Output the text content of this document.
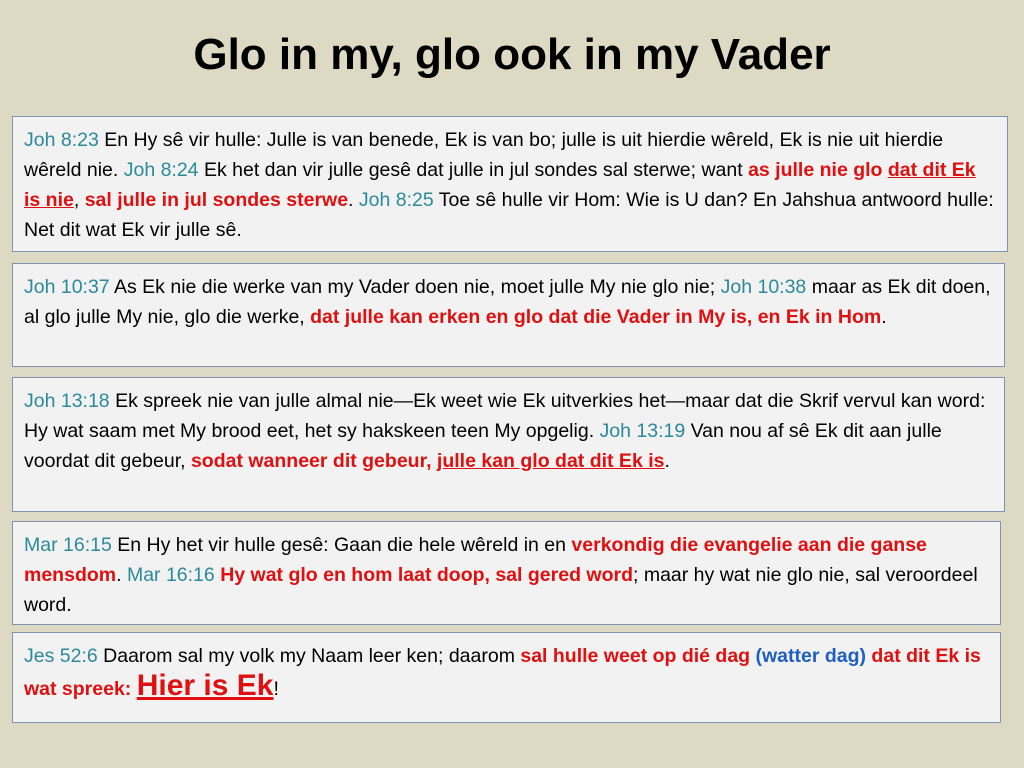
Glo in my, glo ook in my Vader
Joh 8:23 En Hy sê vir hulle: Julle is van benede, Ek is van bo; julle is uit hierdie wêreld, Ek is nie uit hierdie wêreld nie. Joh 8:24 Ek het dan vir julle gesê dat julle in jul sondes sal sterwe; want as julle nie glo dat dit Ek is nie, sal julle in jul sondes sterwe. Joh 8:25 Toe sê hulle vir Hom: Wie is U dan? En Jahshua antwoord hulle: Net dit wat Ek vir julle sê.
Joh 10:37 As Ek nie die werke van my Vader doen nie, moet julle My nie glo nie; Joh 10:38 maar as Ek dit doen, al glo julle My nie, glo die werke, dat julle kan erken en glo dat die Vader in My is, en Ek in Hom.
Joh 13:18 Ek spreek nie van julle almal nie—Ek weet wie Ek uitverkies het—maar dat die Skrif vervul kan word: Hy wat saam met My brood eet, het sy hakskeen teen My opgelig. Joh 13:19 Van nou af sê Ek dit aan julle voordat dit gebeur, sodat wanneer dit gebeur, julle kan glo dat dit Ek is.
Mar 16:15 En Hy het vir hulle gesê: Gaan die hele wêreld in en verkondig die evangelie aan die ganse mensdom. Mar 16:16 Hy wat glo en hom laat doop, sal gered word; maar hy wat nie glo nie, sal veroordeel word.
Jes 52:6 Daarom sal my volk my Naam leer ken; daarom sal hulle weet op dié dag (watter dag) dat dit Ek is wat spreek: Hier is Ek!
